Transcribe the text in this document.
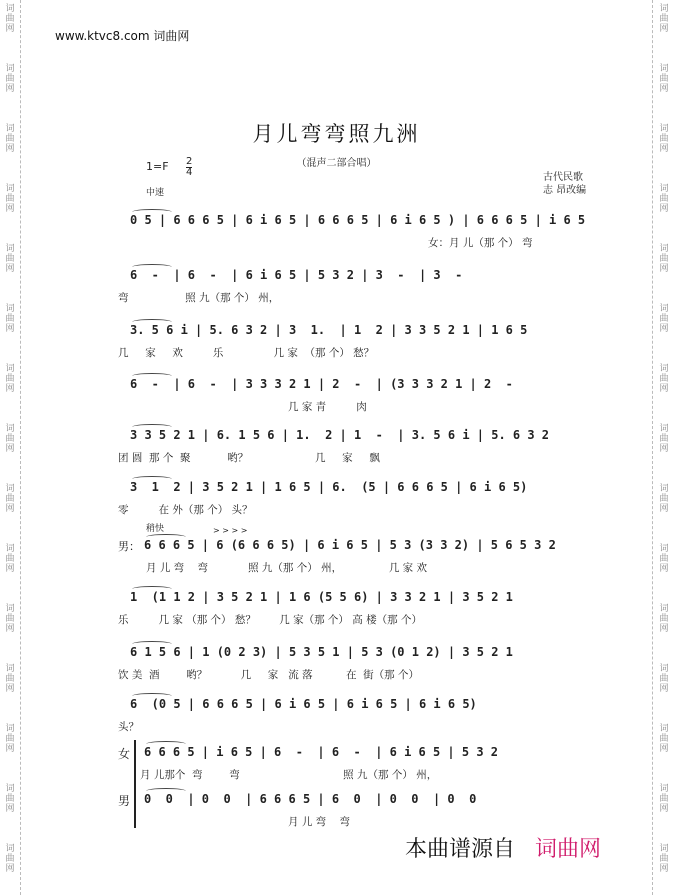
词
曲
网
词
曲
网
词
曲
网
词
曲
网
词
曲
网
词
曲
网
词
曲
网
词
曲
网
词
曲
网
词
曲
网
词
曲
网
词
曲
网
词
曲
网
词
曲
网
词
曲
网
词
曲
网
词
曲
网
词
曲
网
词
曲
网
词
曲
网
词
曲
网
词
曲
网
词
曲
网
词
曲
网
词
曲
网
词
曲
网
词
曲
网
词
曲
网
词
曲
网
词
曲
网
www.ktvc8.com 词曲网
月儿弯弯照九洲
（混声二部合唱）
1=F 2
4
中速
古代民歌
志 昂改编
0 5 | 6 6 6 5 | 6 i 6 5 | 6 6 6 5 | 6 i 6 5 ) | 6 6 6 5 | i 6 5
女：月 儿（那 个） 弯
6  -  | 6  -  | 6 i 6 5 | 5 3 2 | 3  -  | 3  -
弯                 照 九（那 个） 州，
3. 5 6 i | 5. 6 3 2 | 3  1.  | 1  2 | 3 3 5 2 1 | 1 6 5
几     家     欢         乐               几 家  （那 个） 愁？
6  -  | 6  -  | 3 3 3 2 1 | 2  -  | (3 3 3 2 1 | 2  -
几 家 青         肉
3 3 5 2 1 | 6. 1 5 6 | 1.  2 | 1  -  | 3. 5 6 i | 5. 6 3 2
团 圆  那 个  聚           哟？                    几     家     飘
3  1  2 | 3 5 2 1 | 1 6 5 | 6.  (5 | 6 6 6 5 | 6 i 6 5)
零         在 外（那 个） 头？
6 6 6 5 | 6 (6 6 6 5) | 6 i 6 5 | 5 3 (3 3 2) | 5 6 5 3 2
月 儿 弯    弯            照 九（那 个） 州，              几 家 欢
1  (1 1 2 | 3 5 2 1 | 1 6 (5 5 6) | 3 3 2 1 | 3 5 2 1
乐         几 家 （那 个） 愁？       几 家（那 个） 高 楼（那 个）
6 1 5 6 | 1 (0 2 3) | 5 3 5 1 | 5 3 (0 1 2) | 3 5 2 1
饮 美  酒        哟？          几     家   流 落          在  街（那 个）
6  (0 5 | 6 6 6 5 | 6 i 6 5 | 6 i 6 5 | 6 i 6 5)
头？
6 6 6 5 | i 6 5 | 6  -  | 6  -  | 6 i 6 5 | 5 3 2
月 儿那个  弯        弯                               照 九（那 个） 州，
0  0  | 0  0  | 6 6 6 5 | 6  0  | 0  0  | 0  0
月 儿 弯    弯
稍快	> > > >
男：
女
男
本曲谱源自 词曲网
